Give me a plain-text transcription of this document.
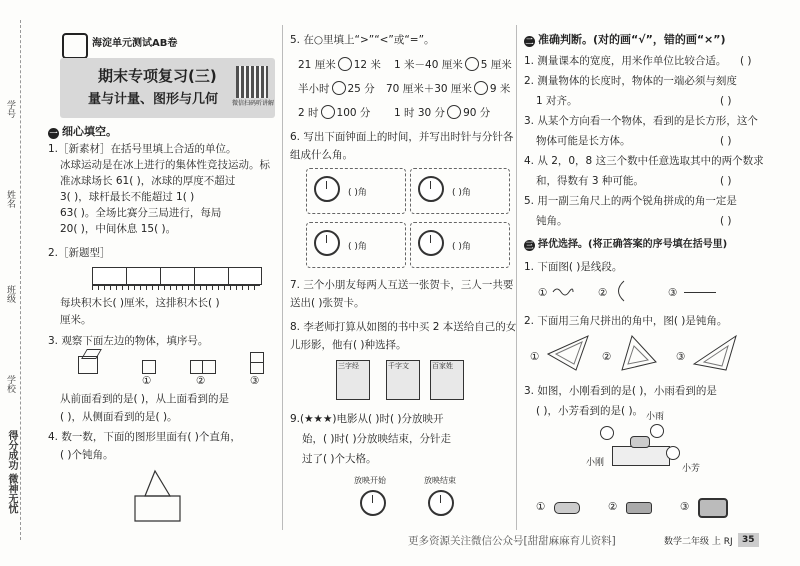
学号
姓名
班级
学校
得分成功 微神无忧
海淀单元测试AB卷
期末专项复习(三)
量与计量、图形与几何 微信扫码听讲解
一 细心填空。
1.［新素材］在括号里填上合适的单位。
冰球运动是在冰上进行的集体性竞技运动。标
准冰球场长 61( )，冰球的厚度不超过
3( )，球杆最长不能超过 1( )
63( )。全场比赛分三局进行，每局
20( )，中间休息 15( )。
2.［新题型］
每块积木长( )厘米，这排积木长( )
厘米。
3. 观察下面左边的物体，填序号。
①	②	③
从前面看到的是( )，从上面看到的是
( )，从侧面看到的是( )。
4. 数一数，下面的图形里面有( )个直角，
( )个钝角。
5. 在○里填上“>”“<”或“=”。
21 厘米 12 米 1 米－40 厘米 5 厘米
半小时 25 分 70 厘米＋30 厘米 9 米
2 时 100 分 1 时 30 分 90 分
6. 写出下面钟面上的时间，并写出时针与分针各
组成什么角。
( )角	( )角
( )角	( )角
7. 三个小朋友每两人互送一张贺卡，三人一共要
送出( )张贺卡。
8. 李老师打算从如图的书中买 2 本送给自己的女
儿形影，他有( )种选择。
三字经	千字文	百家姓
9.(★★★)电影从( )时( )分放映开
始，( )时( )分放映结束，分针走
过了( )个大格。
放映开始	放映结束
二 准确判断。(对的画“√”，错的画“×”)
1. 测量课本的宽度，用米作单位比较合适。 ( )
2. 测量物体的长度时，物体的一端必须与刻度
1 对齐。	( )
3. 从某个方向看一个物体，看到的是长方形，这个
物体可能是长方体。	( )
4. 从 2，0，8 这三个数中任意选取其中的两个数求
和，得数有 3 种可能。	( )
5. 用一副三角尺上的两个锐角拼成的角一定是
钝角。	( )
三 择优选择。(将正确答案的序号填在括号里)
1. 下面图( )是线段。
①	②	③
2. 下面用三角尺拼出的角中，图( )是钝角。
①	②	③
3. 如图，小刚看到的是( )，小雨看到的是
( )，小芳看到的是( )。 小雨
小刚
小芳
①	②	③
更多资源关注微信公众号[甜甜麻麻育儿资料]	数学二年级 上 RJ	35
